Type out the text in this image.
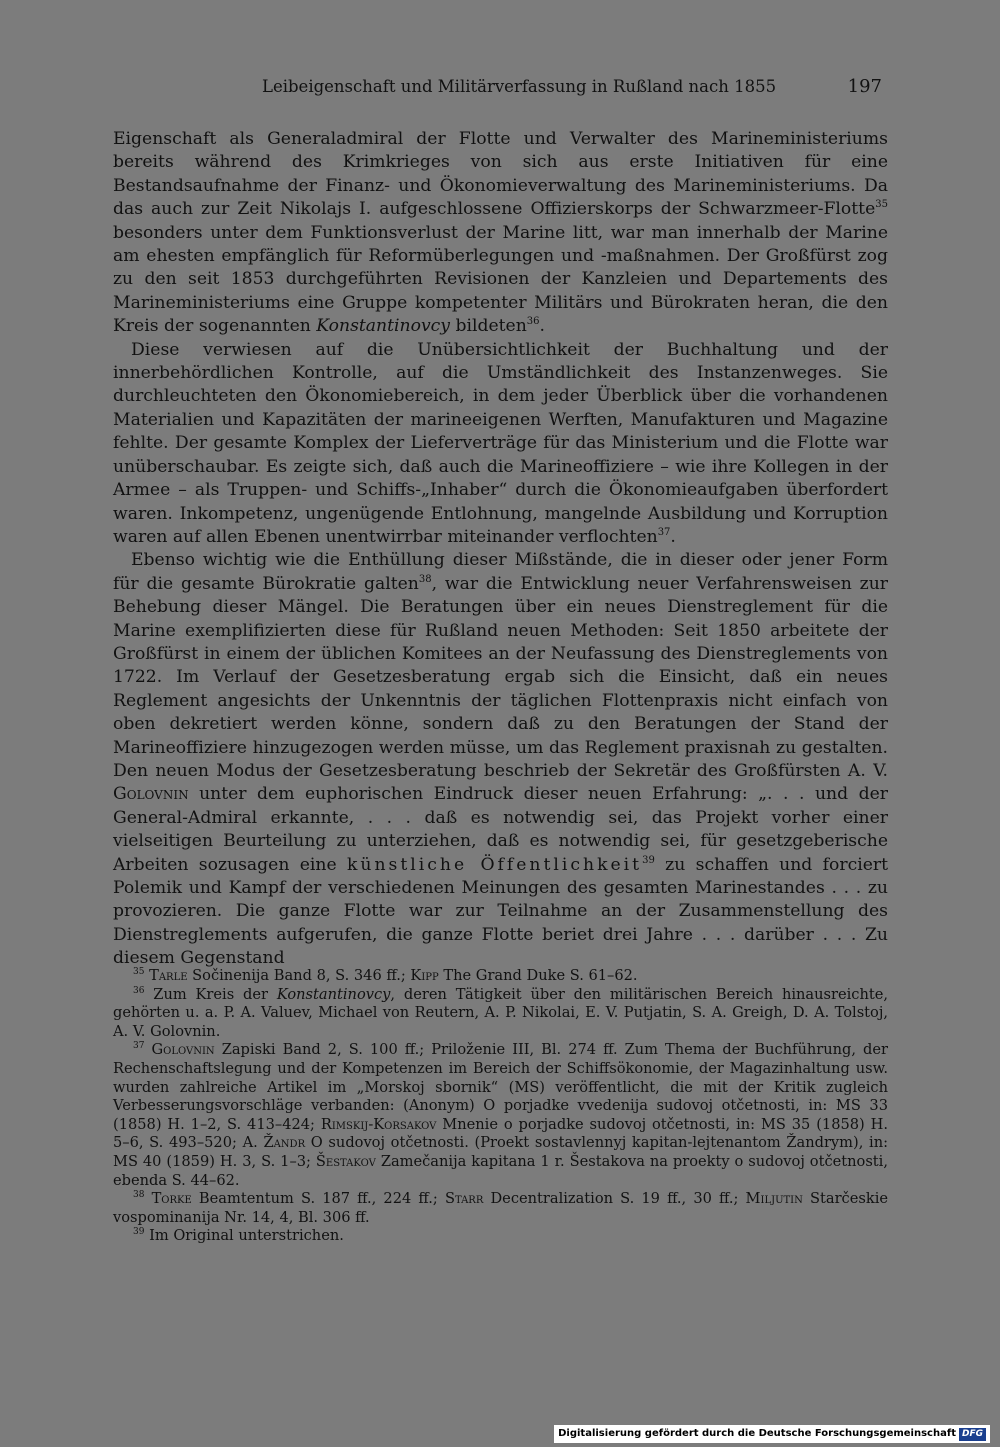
Leibeigenschaft und Militärverfassung in Rußland nach 1855	197

Eigenschaft als Generaladmiral der Flotte und Verwalter des Marineministeriums bereits während des Krimkrieges von sich aus erste Initiativen für eine Bestandsaufnahme der Finanz- und Ökonomieverwaltung des Marineministeriums. Da das auch zur Zeit Nikolajs I. aufgeschlossene Offizierskorps der Schwarzmeer-Flotte$^{35}$ besonders unter dem Funktionsverlust der Marine litt, war man innerhalb der Marine am ehesten empfänglich für Reformüberlegungen und -maßnahmen. Der Großfürst zog zu den seit 1853 durchgeführten Revisionen der Kanzleien und Departements des Marineministeriums eine Gruppe kompetenter Militärs und Bürokraten heran, die den Kreis der sogenannten Konstantinovcy bildeten$^{36}$.

Diese verwiesen auf die Unübersichtlichkeit der Buchhaltung und der innerbehördlichen Kontrolle, auf die Umständlichkeit des Instanzenweges. Sie durchleuchteten den Ökonomiebereich, in dem jeder Überblick über die vorhandenen Materialien und Kapazitäten der marineeigenen Werften, Manufakturen und Magazine fehlte. Der gesamte Komplex der Lieferverträge für das Ministerium und die Flotte war unüberschaubar. Es zeigte sich, daß auch die Marineoffiziere – wie ihre Kollegen in der Armee – als Truppen- und Schiffs-„Inhaber“ durch die Ökonomieaufgaben überfordert waren. Inkompetenz, ungenügende Entlohnung, mangelnde Ausbildung und Korruption waren auf allen Ebenen unentwirrbar miteinander verflochten$^{37}$.

Ebenso wichtig wie die Enthüllung dieser Mißstände, die in dieser oder jener Form für die gesamte Bürokratie galten$^{38}$, war die Entwicklung neuer Verfahrensweisen zur Behebung dieser Mängel. Die Beratungen über ein neues Dienstreglement für die Marine exemplifizierten diese für Rußland neuen Methoden: Seit 1850 arbeitete der Großfürst in einem der üblichen Komitees an der Neufassung des Dienstreglements von 1722. Im Verlauf der Gesetzesberatung ergab sich die Einsicht, daß ein neues Reglement angesichts der Unkenntnis der täglichen Flottenpraxis nicht einfach von oben dekretiert werden könne, sondern daß zu den Beratungen der Stand der Marineoffiziere hinzugezogen werden müsse, um das Reglement praxisnah zu gestalten. Den neuen Modus der Gesetzesberatung beschrieb der Sekretär des Großfürsten A. V. Golovnin unter dem euphorischen Eindruck dieser neuen Erfahrung: „. . . und der General-Admiral erkannte, . . . daß es notwendig sei, das Projekt vorher einer vielseitigen Beurteilung zu unterziehen, daß es notwendig sei, für gesetzgeberische Arbeiten sozusagen eine künstliche Öffentlichkeit$^{39}$ zu schaffen und forciert Polemik und Kampf der verschiedenen Meinungen des gesamten Marinestandes . . . zu provozieren. Die ganze Flotte war zur Teilnahme an der Zusammenstellung des Dienstreglements aufgerufen, die ganze Flotte beriet drei Jahre . . . darüber . . . Zu diesem Gegenstand

$^{35}$ Tarle Sočinenija Band 8, S. 346 ff.; Kipp The Grand Duke S. 61–62.

$^{36}$ Zum Kreis der Konstantinovcy, deren Tätigkeit über den militärischen Bereich hinausreichte, gehörten u. a. P. A. Valuev, Michael von Reutern, A. P. Nikolai, E. V. Putjatin, S. A. Greigh, D. A. Tolstoj, A. V. Golovnin.

$^{37}$ Golovnin Zapiski Band 2, S. 100 ff.; Priloženie III, Bl. 274 ff. Zum Thema der Buchführung, der Rechenschaftslegung und der Kompetenzen im Bereich der Schiffsökonomie, der Magazinhaltung usw. wurden zahlreiche Artikel im „Morskoj sbornik“ (MS) veröffentlicht, die mit der Kritik zugleich Verbesserungsvorschläge verbanden: (Anonym) O porjadke vvedenija sudovoj otčetnosti, in: MS 33 (1858) H. 1–2, S. 413–424; Rimskij-Korsakov Mnenie o porjadke sudovoj otčetnosti, in: MS 35 (1858) H. 5–6, S. 493–520; A. Žandr O sudovoj otčetnosti. (Proekt sostavlennyj kapitan-lejtenantom Žandrym), in: MS 40 (1859) H. 3, S. 1–3; Šestakov Zamečanija kapitana 1 r. Šestakova na proekty o sudovoj otčetnosti, ebenda S. 44–62.

$^{38}$ Torke Beamtentum S. 187 ff., 224 ff.; Starr Decentralization S. 19 ff., 30 ff.; Miljutin Starčeskie vospominanija Nr. 14, 4, Bl. 306 ff.

$^{39}$ Im Original unterstrichen.

Digitalisierung gefördert durch die Deutsche Forschungsgemeinschaft DFG
